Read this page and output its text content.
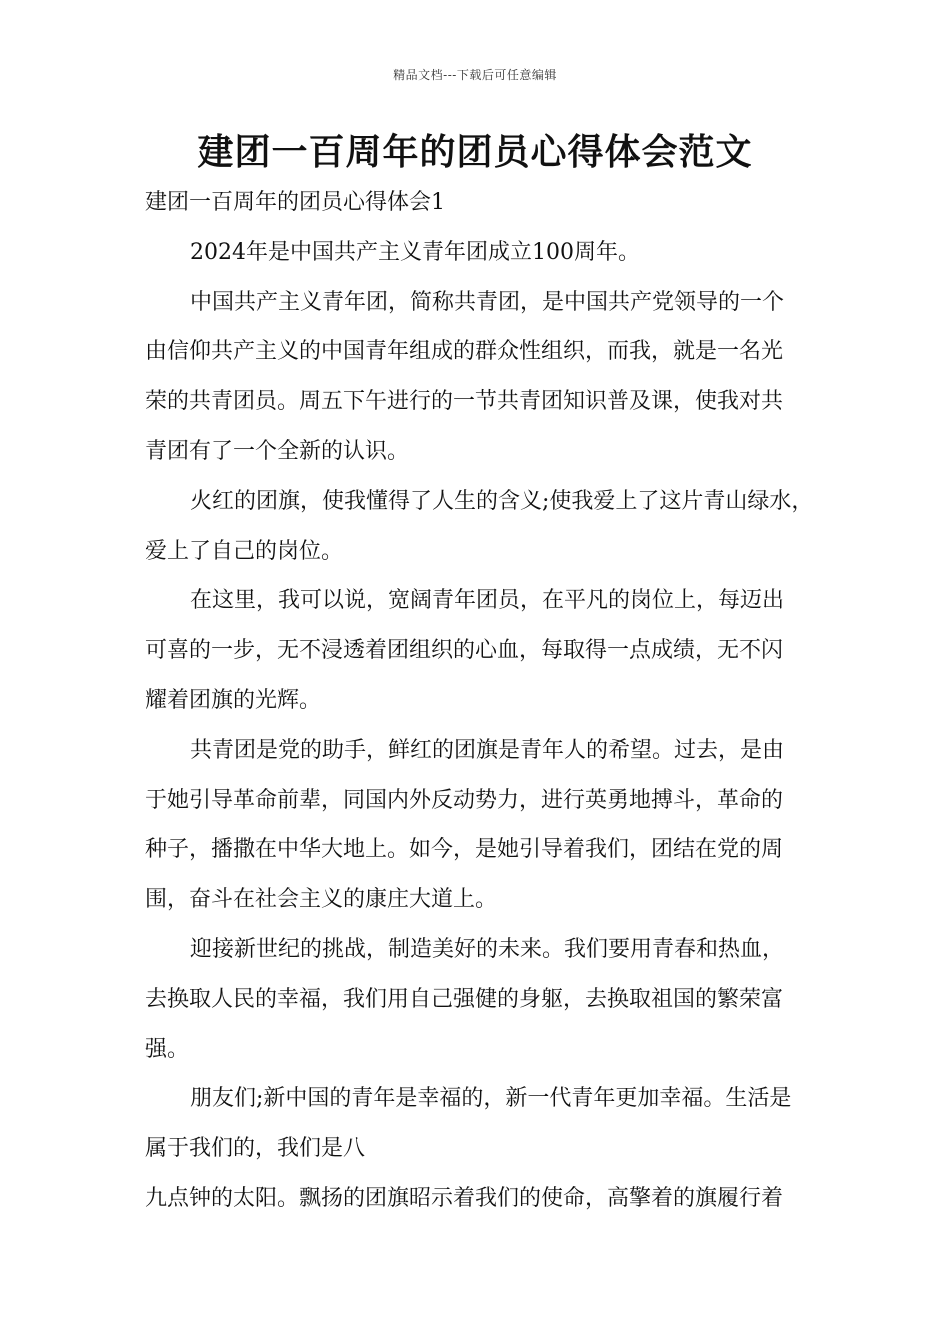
精品文档---下载后可任意编辑
建团一百周年的团员心得体会范文
建团一百周年的团员心得体会1
2024年是中国共产主义青年团成立100周年。
中国共产主义青年团，简称共青团，是中国共产党领导的一个
由信仰共产主义的中国青年组成的群众性组织，而我，就是一名光
荣的共青团员。周五下午进行的一节共青团知识普及课，使我对共
青团有了一个全新的认识。
火红的团旗，使我懂得了人生的含义;使我爱上了这片青山绿水，
爱上了自己的岗位。
在这里，我可以说，宽阔青年团员，在平凡的岗位上，每迈出
可喜的一步，无不浸透着团组织的心血，每取得一点成绩，无不闪
耀着团旗的光辉。
共青团是党的助手，鲜红的团旗是青年人的希望。过去，是由
于她引导革命前辈，同国内外反动势力，进行英勇地搏斗，革命的
种子，播撒在中华大地上。如今，是她引导着我们，团结在党的周
围，奋斗在社会主义的康庄大道上。
迎接新世纪的挑战，制造美好的未来。我们要用青春和热血，
去换取人民的幸福，我们用自己强健的身躯，去换取祖国的繁荣富
强。
朋友们;新中国的青年是幸福的，新一代青年更加幸福。生活是
属于我们的，我们是八
九点钟的太阳。飘扬的团旗昭示着我们的使命，高擎着的旗履行着
